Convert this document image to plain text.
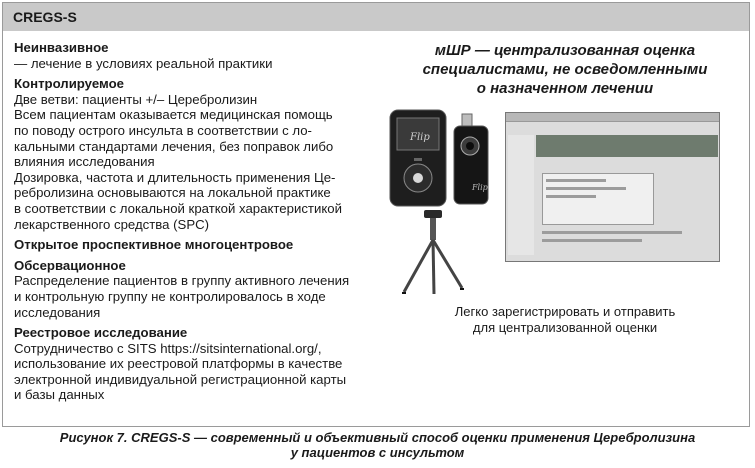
CREGS-S
Неинвазивное
— лечение в условиях реальной практики
Контролируемое
Две ветви: пациенты +/– Церебролизин
Всем пациентам оказывается медицинская помощь
по поводу острого инсульта в соответствии с ло-
кальными стандартами лечения, без поправок либо
влияния исследования
Дозировка, частота и длительность применения Це-
ребролизина основываются на локальной практике
в соответствии с локальной краткой характеристикой
лекарственного средства (SPC)
Открытое проспективное многоцентровое
Обсервационное
Распределение пациентов в группу активного лечения
и контрольную группу не контролировалось в ходе
исследования
Реестровое исследование
Сотрудничество с SITS https://sitsinternational.org/,
использование их реестровой платформы в качестве
электронной индивидуальной регистрационной карты
и базы данных
мШР — централизованная оценка
специалистами, не осведомленными
о назначенном лечении
Flip
Flip
Легко зарегистрировать и отправить
для централизованной оценки
Рисунок 7. CREGS-S — современный и объективный способ оценки применения Церебролизина
у пациентов с инсультом
